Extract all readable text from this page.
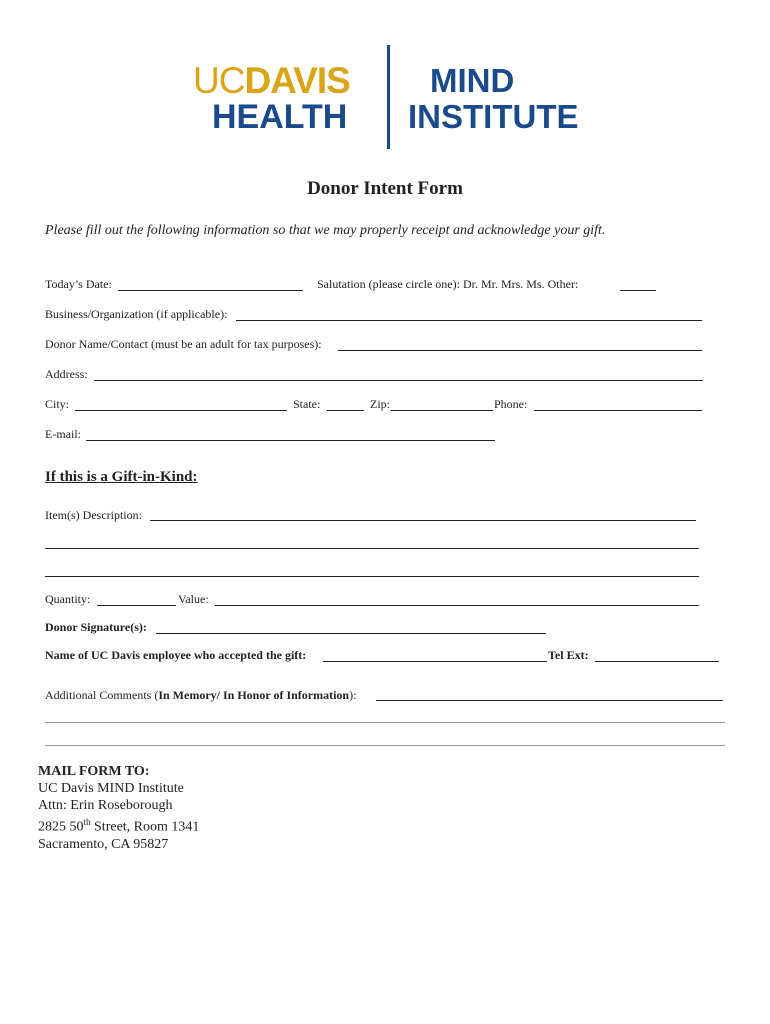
UCDAVIS
HEALTH
MIND
INSTITUTE
Donor Intent Form
Please fill out the following information so that we may properly receipt and acknowledge your gift.
Today’s Date:	Salutation (please circle one): Dr. Mr. Mrs. Ms. Other:
Business/Organization (if applicable):
Donor Name/Contact (must be an adult for tax purposes):
Address:
City:	State:	Zip:	Phone:
E-mail:
If this is a Gift-in-Kind:
Item(s) Description:
Quantity:	Value:
Donor Signature(s):
Name of UC Davis employee who accepted the gift:	Tel Ext:
Additional Comments (In Memory/ In Honor of Information):
MAIL FORM TO:
UC Davis MIND Institute
Attn: Erin Roseborough
2825 50th Street, Room 1341
Sacramento, CA 95827
